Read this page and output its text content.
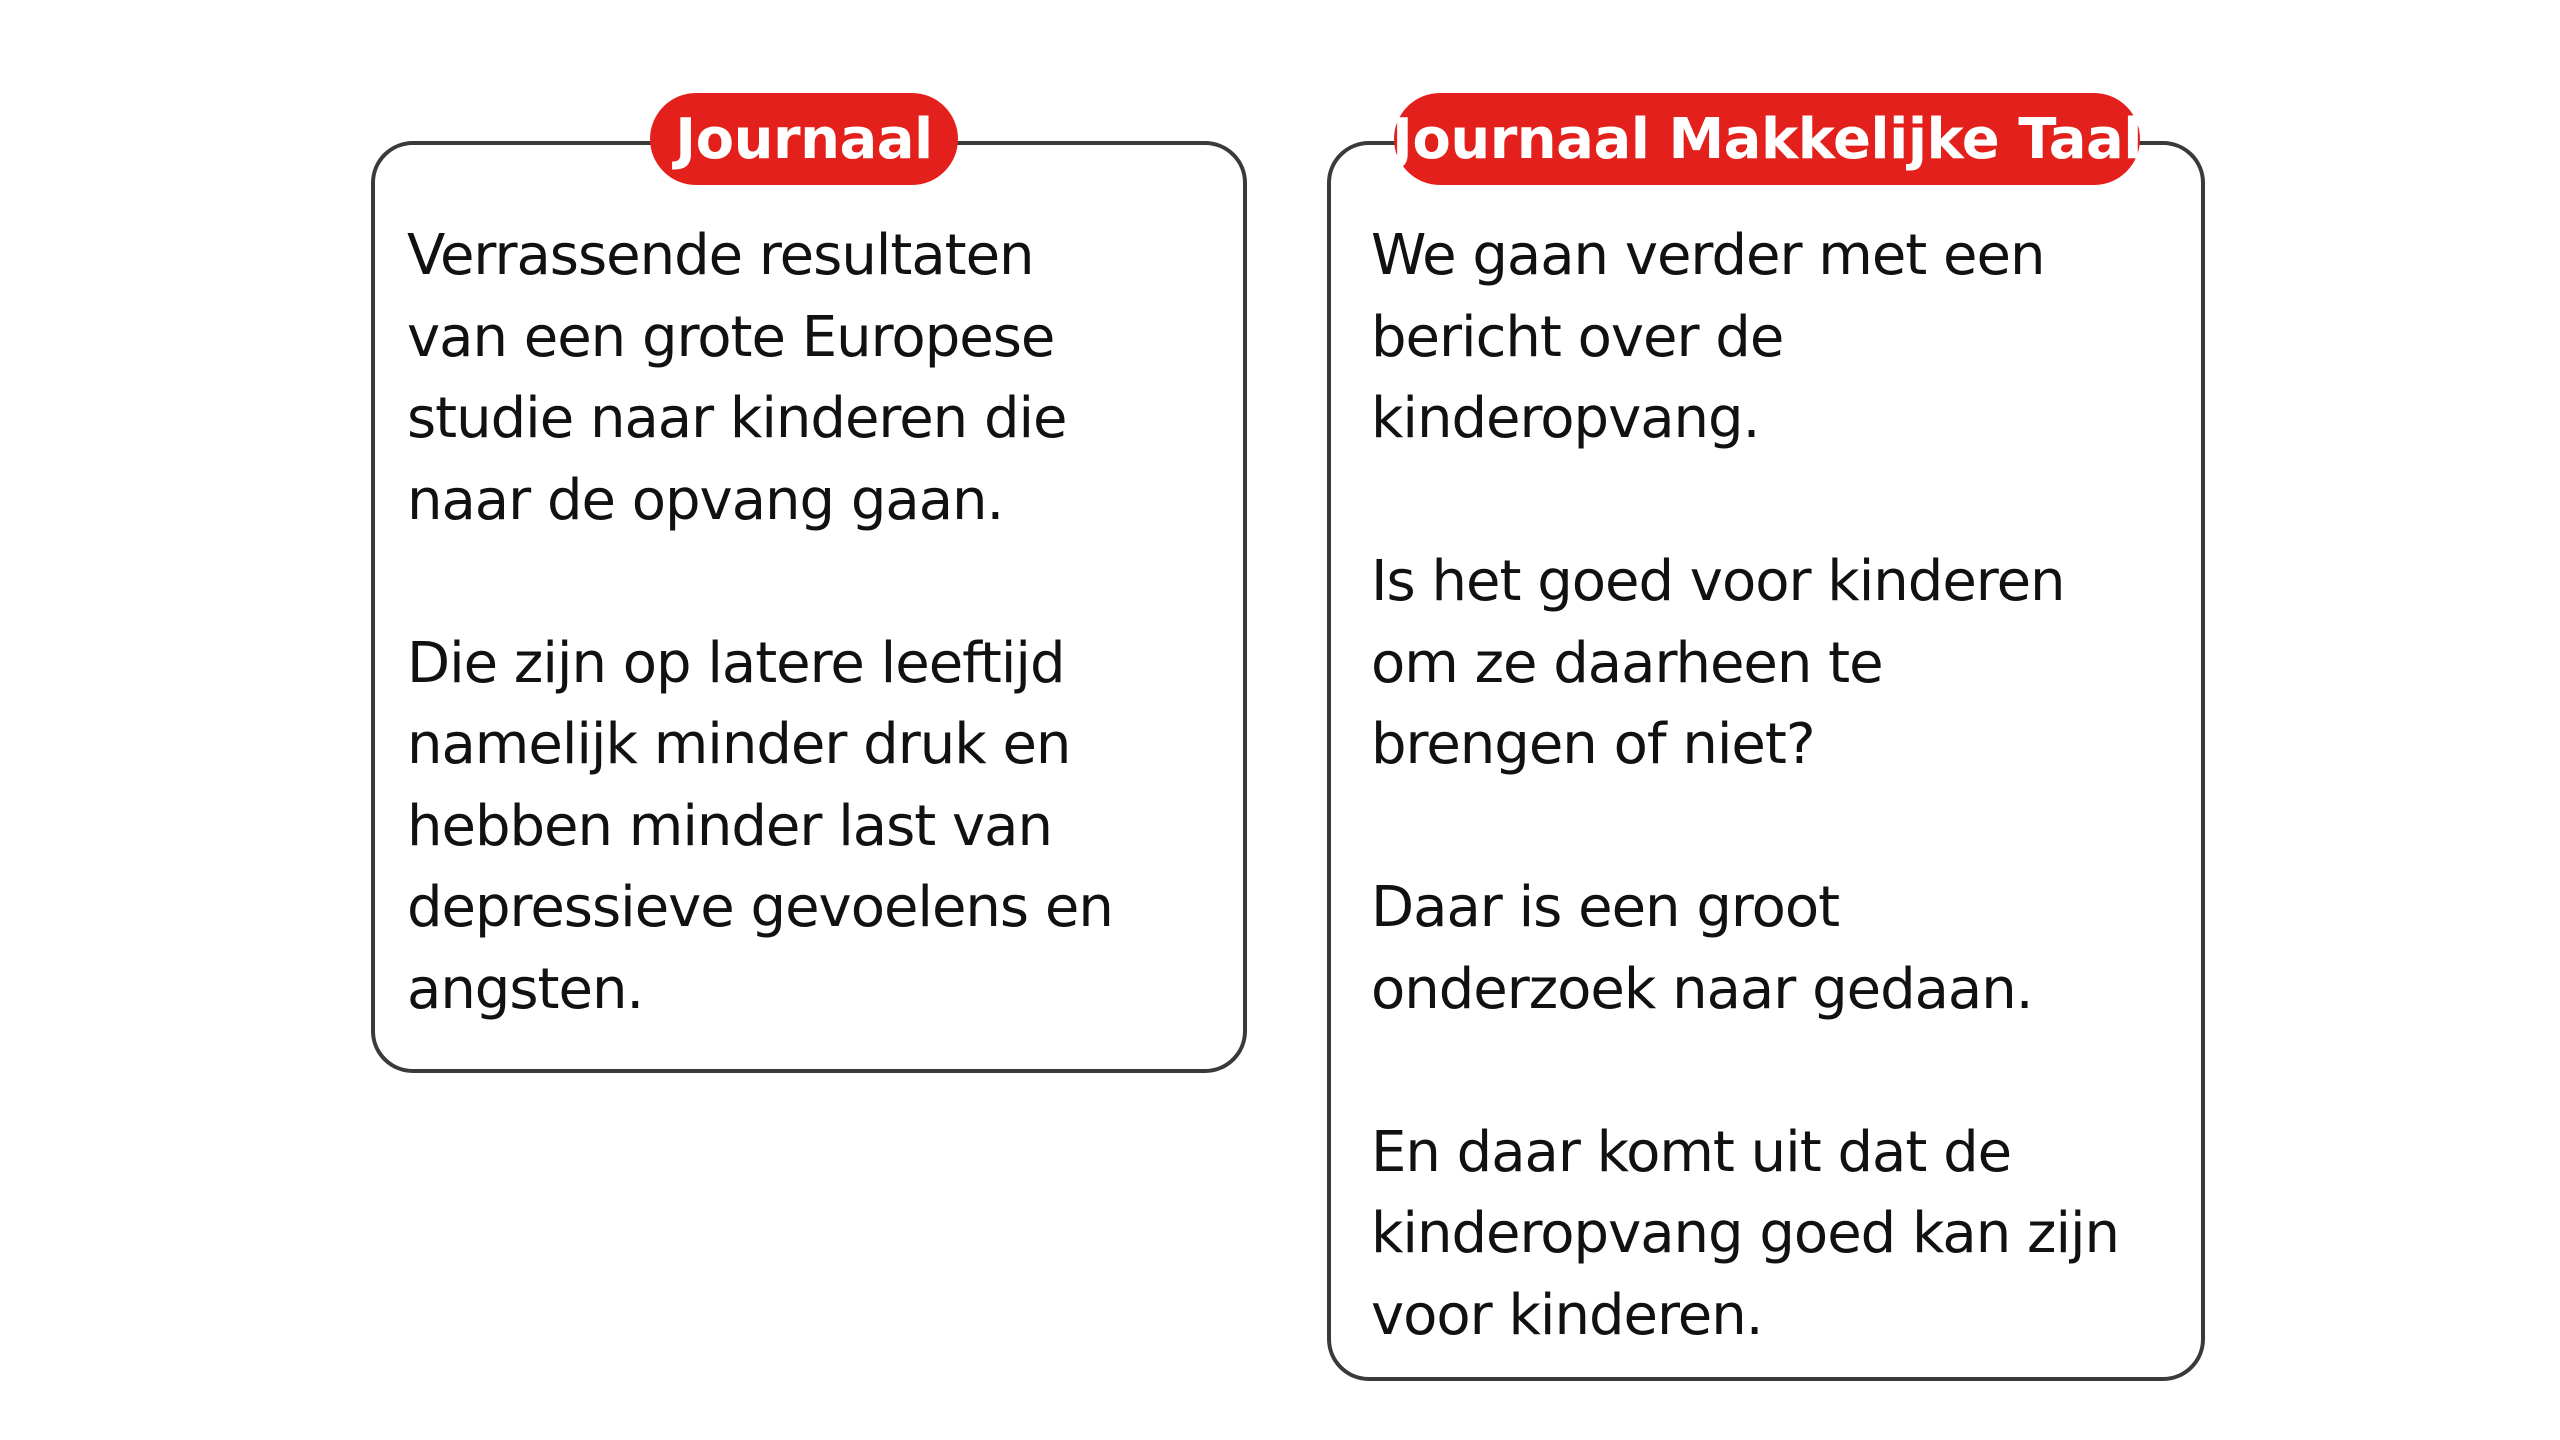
Journaal

Verrassende resultaten
van een grote Europese
studie naar kinderen die
naar de opvang gaan.

Die zijn op latere leeftijd
namelijk minder druk en
hebben minder last van
depressieve gevoelens en
angsten.

Journaal Makkelijke Taal

We gaan verder met een
bericht over de
kinderopvang.

Is het goed voor kinderen
om ze daarheen te
brengen of niet?

Daar is een groot
onderzoek naar gedaan.

En daar komt uit dat de
kinderopvang goed kan zijn
voor kinderen.
